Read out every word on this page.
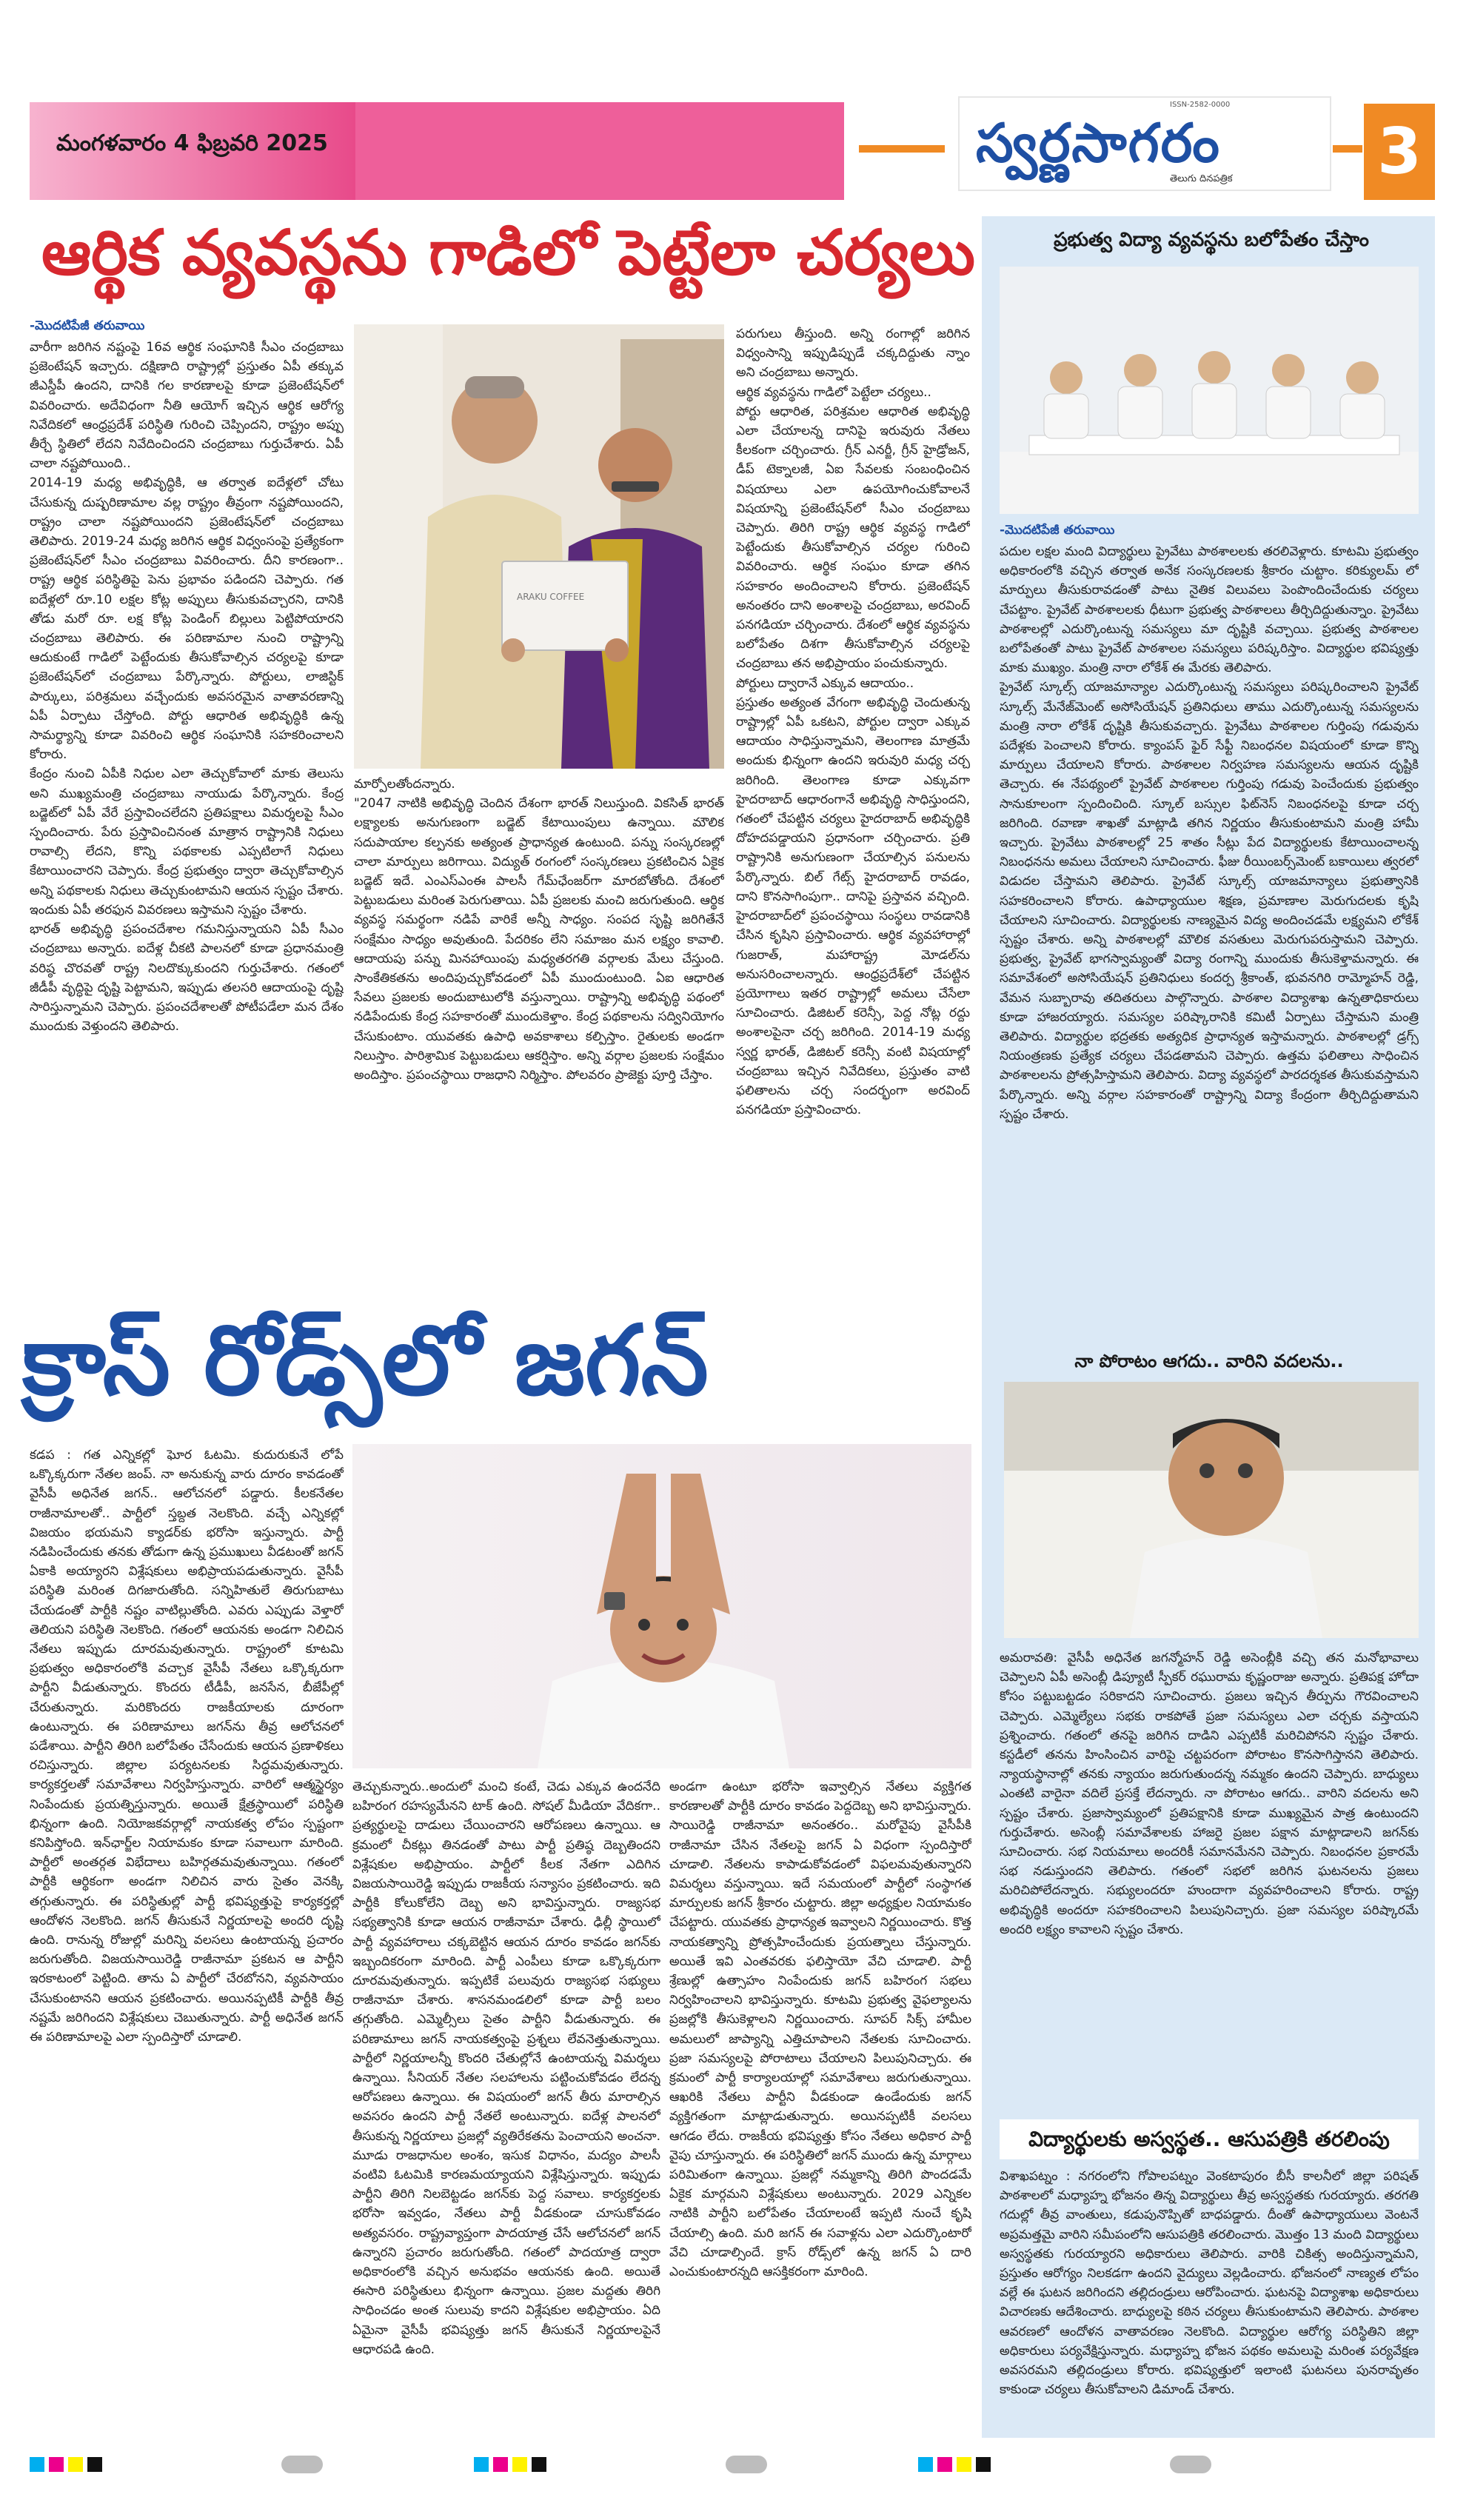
మంగళవారం 4 ఫిబ్రవరి 2025
ISSN-2582-0000
స్వర్ణసాగరం
తెలుగు దినపత్రిక 3
ఆర్థిక వ్యవస్థను గాడిలో పెట్టేలా చర్యలు
-మొదటిపేజీ తరువాయి

వారీగా జరిగిన నష్టంపై 16వ ఆర్థిక సంఘానికి సీఎం చంద్రబాబు ప్రజెంటేషన్ ఇచ్చారు. దక్షిణాది రాష్ట్రాల్లో ప్రస్తుతం ఏపీ తక్కువ జీఎస్డీపీ ఉందని, దానికి గల కారణాలపై కూడా ప్రజెంటేషన్‌లో వివరించారు. అదేవిధంగా నీతి ఆయోగ్ ఇచ్చిన ఆర్థిక ఆరోగ్య నివేదికలో ఆంధ్రప్రదేశ్ పరిస్థితి గురించి చెప్పిందని, రాష్ట్రం అప్పు తీర్చే స్థితిలో లేదని నివేదించిందని చంద్రబాబు గుర్తుచేశారు. ఏపీ చాలా నష్టపోయింది..
2014-19 మధ్య అభివృద్ధికి, ఆ తర్వాత ఐదేళ్లలో చోటు చేసుకున్న దుష్పరిణామాల వల్ల రాష్ట్రం తీవ్రంగా నష్టపోయిందని, రాష్ట్రం చాలా నష్టపోయిందని ప్రజెంటేషన్‌లో చంద్రబాబు తెలిపారు. 2019-24 మధ్య జరిగిన ఆర్థిక విధ్వంసంపై ప్రత్యేకంగా ప్రజెంటేషన్‌లో సీఎం చంద్రబాబు వివరించారు. దీని కారణంగా.. రాష్ట్ర ఆర్థిక పరిస్థితిపై పెను ప్రభావం పడిందని చెప్పారు. గత ఐదేళ్లలో రూ.10 లక్షల కోట్ల అప్పులు తీసుకువచ్చారని, దానికి తోడు మరో రూ. లక్ష కోట్ల పెండింగ్ బిల్లులు పెట్టిపోయారని చంద్రబాబు తెలిపారు. ఈ పరిణామాల నుంచి రాష్ట్రాన్ని ఆదుకుంటే గాడిలో పెట్టేందుకు తీసుకోవాల్సిన చర్యలపై కూడా ప్రజెంటేషన్‌లో చంద్రబాబు పేర్కొన్నారు. పోర్టులు, లాజిస్టిక్ పార్కులు, పరిశ్రమలు వచ్చేందుకు అవసరమైన వాతావరణాన్ని ఏపీ ఏర్పాటు చేస్తోంది. పోర్టు ఆధారిత అభివృద్ధికి ఉన్న సామర్థ్యాన్ని కూడా వివరించి ఆర్థిక సంఘానికి సహకరించాలని కోరారు.
కేంద్రం నుంచి ఏపీకి నిధుల ఎలా తెచ్చుకోవాలో మాకు తెలుసు అని ముఖ్యమంత్రి చంద్రబాబు నాయుడు పేర్కొన్నారు. కేంద్ర బడ్జెట్‌లో ఏపీ వేరే ప్రస్తావించలేదని ప్రతిపక్షాలు విమర్శలపై సీఎం స్పందించారు. పేరు ప్రస్తావించినంత మాత్రాన రాష్ట్రానికి నిధులు రావాల్సి లేదని, కొన్ని పథకాలకు ఎప్పటిలాగే నిధులు కేటాయించారని చెప్పారు. కేంద్ర ప్రభుత్వం ద్వారా తెచ్చుకోవాల్సిన అన్ని పథకాలకు నిధులు తెచ్చుకుంటామని ఆయన స్పష్టం చేశారు. ఇందుకు ఏపీ తరఫున వివరణలు ఇస్తామని స్పష్టం చేశారు.
భారత్ అభివృద్ధి ప్రపంచదేశాల గమనిస్తున్నాయని ఏపీ సీఎం చంద్రబాబు అన్నారు. ఐదేళ్ల చీకటి పాలనలో కూడా ప్రధానమంత్రి వరిష్ఠ చొరవతో రాష్ట్ర నిలదొక్కుకుందని గుర్తుచేశారు. గతంలో జీడీపీ వృద్ధిపై దృష్టి పెట్టామని, ఇప్పుడు తలసరి ఆదాయంపై దృష్టి సారిస్తున్నామని చెప్పారు. ప్రపంచదేశాలతో పోటీపడేలా మన దేశం ముందుకు వెళ్తుందని తెలిపారు.

ARAKU COFFEE

మార్పోలతోందన్నారు.
"2047 నాటికి అభివృద్ధి చెందిన దేశంగా భారత్ నిలుస్తుంది. వికసిత్ భారత్ లక్ష్యాలకు అనుగుణంగా బడ్జెట్ కేటాయింపులు ఉన్నాయి. మౌలిక సదుపాయాల కల్పనకు అత్యంత ప్రాధాన్యత ఉంటుంది. పన్ను సంస్కరణల్లో చాలా మార్పులు జరిగాయి. విద్యుత్ రంగంలో సంస్కరణలు ప్రకటించిన ఏకైక బడ్జెట్ ఇదే. ఎంఎస్ఎంఈ పాలసీ గేమ్‌ఛేంజర్‌గా మారబోతోంది. దేశంలో పెట్టుబడులు మరింత పెరుగుతాయి. ఏపీ ప్రజలకు మంచి జరుగుతుంది. ఆర్థిక వ్యవస్థ సమర్థంగా నడిపే వారికే అన్నీ సాధ్యం. సంపద సృష్టి జరిగితేనే సంక్షేమం సాధ్యం అవుతుంది. పేదరికం లేని సమాజం మన లక్ష్యం కావాలి. ఆదాయపు పన్ను మినహాయింపు మధ్యతరగతి వర్గాలకు మేలు చేస్తుంది. సాంకేతికతను అందిపుచ్చుకోవడంలో ఏపీ ముందుంటుంది. ఏఐ ఆధారిత సేవలు ప్రజలకు అందుబాటులోకి వస్తున్నాయి. రాష్ట్రాన్ని అభివృద్ధి పథంలో నడిపేందుకు కేంద్ర సహకారంతో ముందుకెళ్తాం. కేంద్ర పథకాలను సద్వినియోగం చేసుకుంటాం. యువతకు ఉపాధి అవకాశాలు కల్పిస్తాం. రైతులకు అండగా నిలుస్తాం. పారిశ్రామిక పెట్టుబడులు ఆకర్షిస్తాం. అన్ని వర్గాల ప్రజలకు సంక్షేమం అందిస్తాం. ప్రపంచస్థాయి రాజధాని నిర్మిస్తాం. పోలవరం ప్రాజెక్టు పూర్తి చేస్తాం.

పరుగులు తీస్తుంది. అన్ని రంగాల్లో జరిగిన విధ్వంసాన్ని ఇప్పుడిప్పుడే చక్కదిద్దుతు న్నాం అని చంద్రబాబు అన్నారు.
ఆర్థిక వ్యవస్థను గాడిలో పెట్టేలా చర్యలు..
పోర్టు ఆధారిత, పరిశ్రమల ఆధారిత అభివృద్ధి ఎలా చేయాలన్న దానిపై ఇరువురు నేతలు కీలకంగా చర్చించారు. గ్రీన్ ఎనర్జీ, గ్రీన్ హైడ్రోజన్, డీప్ టెక్నాలజీ, ఏఐ సేవలకు సంబంధించిన విషయాలు ఎలా ఉపయోగించుకోవాలనే విషయాన్ని ప్రజెంటేషన్‌లో సీఎం చంద్రబాబు చెప్పారు. తిరిగి రాష్ట్ర ఆర్థిక వ్యవస్థ గాడిలో పెట్టేందుకు తీసుకోవాల్సిన చర్యల గురించి వివరించారు. ఆర్థిక సంఘం కూడా తగిన సహకారం అందించాలని కోరారు. ప్రజెంటేషన్ అనంతరం దాని అంశాలపై చంద్రబాబు, అరవింద్ పనగడియా చర్చించారు. దేశంలో ఆర్థిక వ్యవస్థను బలోపేతం దిశగా తీసుకోవాల్సిన చర్యలపై చంద్రబాబు తన అభిప్రాయం పంచుకున్నారు.
పోర్టులు ద్వారానే ఎక్కువ ఆదాయం..
ప్రస్తుతం అత్యంత వేగంగా అభివృద్ధి చెందుతున్న రాష్ట్రాల్లో ఏపీ ఒకటని, పోర్టుల ద్వారా ఎక్కువ ఆదాయం సాధిస్తున్నామని, తెలంగాణ మాత్రమే అందుకు భిన్నంగా ఉందని ఇరువురి మధ్య చర్చ జరిగింది. తెలంగాణ కూడా ఎక్కువగా హైదరాబాద్ ఆధారంగానే అభివృద్ధి సాధిస్తుందని, గతంలో చేపట్టిన చర్యలు హైదరాబాద్ అభివృద్ధికి దోహదపడ్డాయని ప్రధానంగా చర్చించారు. ప్రతి రాష్ట్రానికి అనుగుణంగా చేయాల్సిన పనులను పేర్కొన్నారు. బిల్ గేట్స్ హైదరాబాద్ రావడం, దాని కొనసాగింపుగా.. దానిపై ప్రస్తావన వచ్చింది. హైదరాబాద్‌లో ప్రపంచస్థాయి సంస్థలు రావడానికి చేసిన కృషిని ప్రస్తావించారు. ఆర్థిక వ్యవహారాల్లో గుజరాత్, మహారాష్ట్ర మోడల్‌ను అనుసరించాలన్నారు. ఆంధ్రప్రదేశ్‌లో చేపట్టిన ప్రయోగాలు ఇతర రాష్ట్రాల్లో అమలు చేసేలా సూచించారు. డిజిటల్ కరెన్సీ, పెద్ద నోట్ల రద్దు అంశాలపైనా చర్చ జరిగింది. 2014-19 మధ్య స్వర్ణ భారత్, డిజిటల్ కరెన్సీ వంటి విషయాల్లో చంద్రబాబు ఇచ్చిన నివేదికలు, ప్రస్తుతం వాటి ఫలితాలను చర్చ సందర్భంగా అరవింద్ పనగడియా ప్రస్తావించారు.

ప్రభుత్వ విద్యా వ్యవస్థను బలోపేతం చేస్తాం
-మొదటిపేజీ తరువాయి

పదుల లక్షల మంది విద్యార్థులు ప్రైవేటు పాఠశాలలకు తరలివెళ్లారు. కూటమి ప్రభుత్వం అధికారంలోకి వచ్చిన తర్వాత అనేక సంస్కరణలకు శ్రీకారం చుట్టాం. కరిక్యులమ్ లో మార్పులు తీసుకురావడంతో పాటు నైతిక విలువలు పెంపొందించేందుకు చర్యలు చేపట్టాం. ప్రైవేట్ పాఠశాలలకు ధీటుగా ప్రభుత్వ పాఠశాలలు తీర్చిదిద్దుతున్నాం. ప్రైవేటు పాఠశాలల్లో ఎదుర్కొంటున్న సమస్యలు మా దృష్టికి వచ్చాయి. ప్రభుత్వ పాఠశాలల బలోపేతంతో పాటు ప్రైవేట్ పాఠశాలల సమస్యలు పరిష్కరిస్తాం. విద్యార్థుల భవిష్యత్తు మాకు ముఖ్యం. మంత్రి నారా లోకేశ్ ఈ మేరకు తెలిపారు.
ప్రైవేట్ స్కూల్స్ యాజమాన్యాల ఎదుర్కొంటున్న సమస్యలు పరిష్కరించాలని ప్రైవేట్ స్కూల్స్ మేనేజ్‌మెంట్ అసోసియేషన్ ప్రతినిధులు తాము ఎదుర్కొంటున్న సమస్యలను మంత్రి నారా లోకేశ్ దృష్టికి తీసుకువచ్చారు. ప్రైవేటు పాఠశాలల గుర్తింపు గడువును పదేళ్లకు పెంచాలని కోరారు. క్యాంపస్ ఫైర్ సేఫ్టీ నిబంధనల విషయంలో కూడా కొన్ని మార్పులు చేయాలని కోరారు. పాఠశాలల నిర్వహణ సమస్యలను ఆయన దృష్టికి తెచ్చారు. ఈ నేపథ్యంలో ప్రైవేట్ పాఠశాలల గుర్తింపు గడువు పెంచేందుకు ప్రభుత్వం సానుకూలంగా స్పందించింది. స్కూల్ బస్సుల ఫిట్‌నెస్ నిబంధనలపై కూడా చర్చ జరిగింది. రవాణా శాఖతో మాట్లాడి తగిన నిర్ణయం తీసుకుంటామని మంత్రి హామీ ఇచ్చారు. ప్రైవేటు పాఠశాలల్లో 25 శాతం సీట్లు పేద విద్యార్థులకు కేటాయించాలన్న నిబంధనను అమలు చేయాలని సూచించారు. ఫీజు రీయింబర్స్‌మెంట్ బకాయిలు త్వరలో విడుదల చేస్తామని తెలిపారు. ప్రైవేట్ స్కూల్స్ యాజమాన్యాలు ప్రభుత్వానికి సహకరించాలని కోరారు. ఉపాధ్యాయుల శిక్షణ, ప్రమాణాల మెరుగుదలకు కృషి చేయాలని సూచించారు. విద్యార్థులకు నాణ్యమైన విద్య అందించడమే లక్ష్యమని లోకేశ్ స్పష్టం చేశారు. అన్ని పాఠశాలల్లో మౌలిక వసతులు మెరుగుపరుస్తామని చెప్పారు. ప్రభుత్వ, ప్రైవేట్ భాగస్వామ్యంతో విద్యా రంగాన్ని ముందుకు తీసుకెళ్తామన్నారు. ఈ సమావేశంలో అసోసియేషన్ ప్రతినిధులు కందర్ప శ్రీకాంత్, భువనగిరి రామ్మోహన్ రెడ్డి, వేమన సుబ్బారావు తదితరులు పాల్గొన్నారు. పాఠశాల విద్యాశాఖ ఉన్నతాధికారులు కూడా హాజరయ్యారు. సమస్యల పరిష్కారానికి కమిటీ ఏర్పాటు చేస్తామని మంత్రి తెలిపారు. విద్యార్థుల భద్రతకు అత్యధిక ప్రాధాన్యత ఇస్తామన్నారు. పాఠశాలల్లో డ్రగ్స్ నియంత్రణకు ప్రత్యేక చర్యలు చేపడతామని చెప్పారు. ఉత్తమ ఫలితాలు సాధించిన పాఠశాలలను ప్రోత్సహిస్తామని తెలిపారు. విద్యా వ్యవస్థలో పారదర్శకత తీసుకువస్తామని పేర్కొన్నారు. అన్ని వర్గాల సహకారంతో రాష్ట్రాన్ని విద్యా కేంద్రంగా తీర్చిదిద్దుతామని స్పష్టం చేశారు.

నా పోరాటం ఆగదు.. వారిని వదలను..

అమరావతి: వైసీపీ అధినేత జగన్మోహన్ రెడ్డి అసెంబ్లీకి వచ్చి తన మనోభావాలు చెప్పాలని ఏపీ అసెంబ్లీ డిప్యూటీ స్పీకర్ రఘురామ కృష్ణంరాజు అన్నారు. ప్రతిపక్ష హోదా కోసం పట్టుబట్టడం సరికాదని సూచించారు. ప్రజలు ఇచ్చిన తీర్పును గౌరవించాలని చెప్పారు. ఎమ్మెల్యేలు సభకు రాకపోతే ప్రజా సమస్యలు ఎలా చర్చకు వస్తాయని ప్రశ్నించారు. గతంలో తనపై జరిగిన దాడిని ఎప్పటికీ మరిచిపోనని స్పష్టం చేశారు. కస్టడీలో తనను హింసించిన వారిపై చట్టపరంగా పోరాటం కొనసాగిస్తానని తెలిపారు. న్యాయస్థానాల్లో తనకు న్యాయం జరుగుతుందన్న నమ్మకం ఉందని చెప్పారు. బాధ్యులు ఎంతటి వారైనా వదిలే ప్రసక్తే లేదన్నారు. నా పోరాటం ఆగదు.. వారిని వదలను అని స్పష్టం చేశారు. ప్రజాస్వామ్యంలో ప్రతిపక్షానికి కూడా ముఖ్యమైన పాత్ర ఉంటుందని గుర్తుచేశారు. అసెంబ్లీ సమావేశాలకు హాజరై ప్రజల పక్షాన మాట్లాడాలని జగన్‌కు సూచించారు. సభ నియమాలు అందరికీ సమానమేనని చెప్పారు. నిబంధనల ప్రకారమే సభ నడుస్తుందని తెలిపారు. గతంలో సభలో జరిగిన ఘటనలను ప్రజలు మరిచిపోలేదన్నారు. సభ్యులందరూ హుందాగా వ్యవహరించాలని కోరారు. రాష్ట్ర అభివృద్ధికి అందరూ సహకరించాలని పిలుపునిచ్చారు. ప్రజా సమస్యల పరిష్కారమే అందరి లక్ష్యం కావాలని స్పష్టం చేశారు.

విద్యార్థులకు అస్వస్థత.. ఆసుపత్రికి తరలింపు

విశాఖపట్నం : నగరంలోని గోపాలపట్నం వెంకటాపురం బీసీ కాలనీలో జిల్లా పరిషత్ పాఠశాలలో మధ్యాహ్న భోజనం తిన్న విద్యార్థులు తీవ్ర అస్వస్థతకు గురయ్యారు. తరగతి గదుల్లో తీవ్ర వాంతులు, కడుపునొప్పితో బాధపడ్డారు. దీంతో ఉపాధ్యాయులు వెంటనే అప్రమత్తమై వారిని సమీపంలోని ఆసుపత్రికి తరలించారు. మొత్తం 13 మంది విద్యార్థులు అస్వస్థతకు గురయ్యారని అధికారులు తెలిపారు. వారికి చికిత్స అందిస్తున్నామని, ప్రస్తుతం ఆరోగ్యం నిలకడగా ఉందని వైద్యులు వెల్లడించారు. భోజనంలో నాణ్యత లోపం వల్లే ఈ ఘటన జరిగిందని తల్లిదండ్రులు ఆరోపించారు. ఘటనపై విద్యాశాఖ అధికారులు విచారణకు ఆదేశించారు. బాధ్యులపై కఠిన చర్యలు తీసుకుంటామని తెలిపారు. పాఠశాల ఆవరణలో ఆందోళన వాతావరణం నెలకొంది. విద్యార్థుల ఆరోగ్య పరిస్థితిని జిల్లా అధికారులు పర్యవేక్షిస్తున్నారు. మధ్యాహ్న భోజన పథకం అమలుపై మరింత పర్యవేక్షణ అవసరమని తల్లిదండ్రులు కోరారు. భవిష్యత్తులో ఇలాంటి ఘటనలు పునరావృతం కాకుండా చర్యలు తీసుకోవాలని డిమాండ్ చేశారు.

క్రాస్ రోడ్స్‌లో జగన్

కడప : గత ఎన్నికల్లో ఘోర ఓటమి. కుదురుకునే లోపే ఒక్కొక్కరుగా నేతల జంప్. నా అనుకున్న వారు దూరం కావడంతో వైసీపీ అధినేత జగన్.. ఆలోచనలో పడ్డారు. కీలకనేతల రాజీనామాలతో.. పార్టీలో స్తబ్దత నెలకొంది. వచ్చే ఎన్నికల్లో విజయం భయమని క్యాడర్‌కు భరోసా ఇస్తున్నారు. పార్టీ నడిపించేందుకు తనకు తోడుగా ఉన్న ప్రముఖులు వీడటంతో జగన్ ఏకాకి అయ్యారని విశ్లేషకులు అభిప్రాయపడుతున్నారు. వైసీపీ పరిస్థితి మరింత దిగజారుతోంది. సన్నిహితులే తిరుగుబాటు చేయడంతో పార్టీకి నష్టం వాటిల్లుతోంది. ఎవరు ఎప్పుడు వెళ్తారో తెలియని పరిస్థితి నెలకొంది. గతంలో ఆయనకు అండగా నిలిచిన నేతలు ఇప్పుడు దూరమవుతున్నారు. రాష్ట్రంలో కూటమి ప్రభుత్వం అధికారంలోకి వచ్చాక వైసీపీ నేతలు ఒక్కొక్కరుగా పార్టీని వీడుతున్నారు. కొందరు టీడీపీ, జనసేన, బీజేపీల్లో చేరుతున్నారు. మరికొందరు రాజకీయాలకు దూరంగా ఉంటున్నారు. ఈ పరిణామాలు జగన్‌ను తీవ్ర ఆలోచనలో పడేశాయి. పార్టీని తిరిగి బలోపేతం చేసేందుకు ఆయన ప్రణాళికలు రచిస్తున్నారు. జిల్లాల పర్యటనలకు సిద్ధమవుతున్నారు. కార్యకర్తలతో సమావేశాలు నిర్వహిస్తున్నారు. వారిలో ఆత్మస్థైర్యం నింపేందుకు ప్రయత్నిస్తున్నారు. అయితే క్షేత్రస్థాయిలో పరిస్థితి భిన్నంగా ఉంది. నియోజకవర్గాల్లో నాయకత్వ లోపం స్పష్టంగా కనిపిస్తోంది. ఇన్‌ఛార్జ్‌ల నియామకం కూడా సవాలుగా మారింది. పార్టీలో అంతర్గత విభేదాలు బహిర్గతమవుతున్నాయి. గతంలో పార్టీకి ఆర్థికంగా అండగా నిలిచిన వారు సైతం వెనక్కి తగ్గుతున్నారు. ఈ పరిస్థితుల్లో పార్టీ భవిష్యత్తుపై కార్యకర్తల్లో ఆందోళన నెలకొంది. జగన్ తీసుకునే నిర్ణయాలపై అందరి దృష్టి ఉంది. రానున్న రోజుల్లో మరిన్ని వలసలు ఉంటాయన్న ప్రచారం జరుగుతోంది. విజయసాయిరెడ్డి రాజీనామా ప్రకటన ఆ పార్టీని ఇరకాటంలో పెట్టింది. తాను ఏ పార్టీలో చేరబోనని, వ్యవసాయం చేసుకుంటానని ఆయన ప్రకటించారు. అయినప్పటికీ పార్టీకి తీవ్ర నష్టమే జరిగిందని విశ్లేషకులు చెబుతున్నారు. పార్టీ అధినేత జగన్ ఈ పరిణామాలపై ఎలా స్పందిస్తారో చూడాలి.

తెచ్చుకున్నారు..అందులో మంచి కంటే, చెడు ఎక్కువ ఉందనేది బహిరంగ రహస్యమేనని టాక్ ఉంది. సోషల్ మీడియా వేదికగా.. ప్రత్యర్థులపై దాడులు చేయించారని ఆరోపణలు ఉన్నాయి. ఆ క్రమంలో చీకట్లు తినడంతో పాటు పార్టీ ప్రతిష్ఠ దెబ్బతిందని విశ్లేషకుల అభిప్రాయం. పార్టీలో కీలక నేతగా ఎదిగిన విజయసాయిరెడ్డి ఇప్పుడు రాజకీయ సన్యాసం ప్రకటించారు. ఇది పార్టీకి కోలుకోలేని దెబ్బ అని భావిస్తున్నారు. రాజ్యసభ సభ్యత్వానికి కూడా ఆయన రాజీనామా చేశారు. ఢిల్లీ స్థాయిలో పార్టీ వ్యవహారాలు చక్కబెట్టిన ఆయన దూరం కావడం జగన్‌కు ఇబ్బందికరంగా మారింది. పార్టీ ఎంపీలు కూడా ఒక్కొక్కరుగా దూరమవుతున్నారు. ఇప్పటికే పలువురు రాజ్యసభ సభ్యులు రాజీనామా చేశారు. శాసనమండలిలో కూడా పార్టీ బలం తగ్గుతోంది. ఎమ్మెల్సీలు సైతం పార్టీని వీడుతున్నారు. ఈ పరిణామాలు జగన్ నాయకత్వంపై ప్రశ్నలు లేవనెత్తుతున్నాయి. పార్టీలో నిర్ణయాలన్నీ కొందరి చేతుల్లోనే ఉంటాయన్న విమర్శలు ఉన్నాయి. సీనియర్ నేతల సలహాలను పట్టించుకోవడం లేదన్న ఆరోపణలు ఉన్నాయి. ఈ విషయంలో జగన్ తీరు మారాల్సిన అవసరం ఉందని పార్టీ నేతలే అంటున్నారు. ఐదేళ్ల పాలనలో తీసుకున్న నిర్ణయాలు ప్రజల్లో వ్యతిరేకతను పెంచాయని అంచనా. మూడు రాజధానుల అంశం, ఇసుక విధానం, మద్యం పాలసీ వంటివి ఓటమికి కారణమయ్యాయని విశ్లేషిస్తున్నారు. ఇప్పుడు పార్టీని తిరిగి నిలబెట్టడం జగన్‌కు పెద్ద సవాలు. కార్యకర్తలకు భరోసా ఇవ్వడం, నేతలు పార్టీ వీడకుండా చూసుకోవడం అత్యవసరం. రాష్ట్రవ్యాప్తంగా పాదయాత్ర చేసే ఆలోచనలో జగన్ ఉన్నారని ప్రచారం జరుగుతోంది. గతంలో పాదయాత్ర ద్వారా అధికారంలోకి వచ్చిన అనుభవం ఆయనకు ఉంది. అయితే ఈసారి పరిస్థితులు భిన్నంగా ఉన్నాయి. ప్రజల మద్దతు తిరిగి సాధించడం అంత సులువు కాదని విశ్లేషకుల అభిప్రాయం. ఏది ఏమైనా వైసీపీ భవిష్యత్తు జగన్ తీసుకునే నిర్ణయాలపైనే ఆధారపడి ఉంది.

అండగా ఉంటూ భరోసా ఇవ్వాల్సిన నేతలు వ్యక్తిగత కారణాలతో పార్టీకి దూరం కావడం పెద్దదెబ్బ అని భావిస్తున్నారు. సాయిరెడ్డి రాజీనామా అనంతరం.. మరోవైపు వైసీపీకి రాజీనామా చేసిన నేతలపై జగన్ ఏ విధంగా స్పందిస్తారో చూడాలి. నేతలను కాపాడుకోవడంలో విఫలమవుతున్నారని విమర్శలు వస్తున్నాయి. ఇదే సమయంలో పార్టీలో సంస్థాగత మార్పులకు జగన్ శ్రీకారం చుట్టారు. జిల్లా అధ్యక్షుల నియామకం చేపట్టారు. యువతకు ప్రాధాన్యత ఇవ్వాలని నిర్ణయించారు. కొత్త నాయకత్వాన్ని ప్రోత్సహించేందుకు ప్రయత్నాలు చేస్తున్నారు. అయితే ఇవి ఎంతవరకు ఫలిస్తాయో వేచి చూడాలి. పార్టీ శ్రేణుల్లో ఉత్సాహం నింపేందుకు జగన్ బహిరంగ సభలు నిర్వహించాలని భావిస్తున్నారు. కూటమి ప్రభుత్వ వైఫల్యాలను ప్రజల్లోకి తీసుకెళ్లాలని నిర్ణయించారు. సూపర్ సిక్స్ హామీల అమలులో జాప్యాన్ని ఎత్తిచూపాలని నేతలకు సూచించారు. ప్రజా సమస్యలపై పోరాటాలు చేయాలని పిలుపునిచ్చారు. ఈ క్రమంలో పార్టీ కార్యాలయాల్లో సమావేశాలు జరుగుతున్నాయి. ఆఖరికి నేతలు పార్టీని వీడకుండా ఉండేందుకు జగన్ వ్యక్తిగతంగా మాట్లాడుతున్నారు. అయినప్పటికీ వలసలు ఆగడం లేదు. రాజకీయ భవిష్యత్తు కోసం నేతలు అధికార పార్టీ వైపు చూస్తున్నారు. ఈ పరిస్థితిలో జగన్ ముందు ఉన్న మార్గాలు పరిమితంగా ఉన్నాయి. ప్రజల్లో నమ్మకాన్ని తిరిగి పొందడమే ఏకైక మార్గమని విశ్లేషకులు అంటున్నారు. 2029 ఎన్నికల నాటికి పార్టీని బలోపేతం చేయాలంటే ఇప్పటి నుంచే కృషి చేయాల్సి ఉంది. మరి జగన్ ఈ సవాళ్లను ఎలా ఎదుర్కొంటారో వేచి చూడాల్సిందే. క్రాస్ రోడ్స్‌లో ఉన్న జగన్ ఏ దారి ఎంచుకుంటారన్నది ఆసక్తికరంగా మారింది.
